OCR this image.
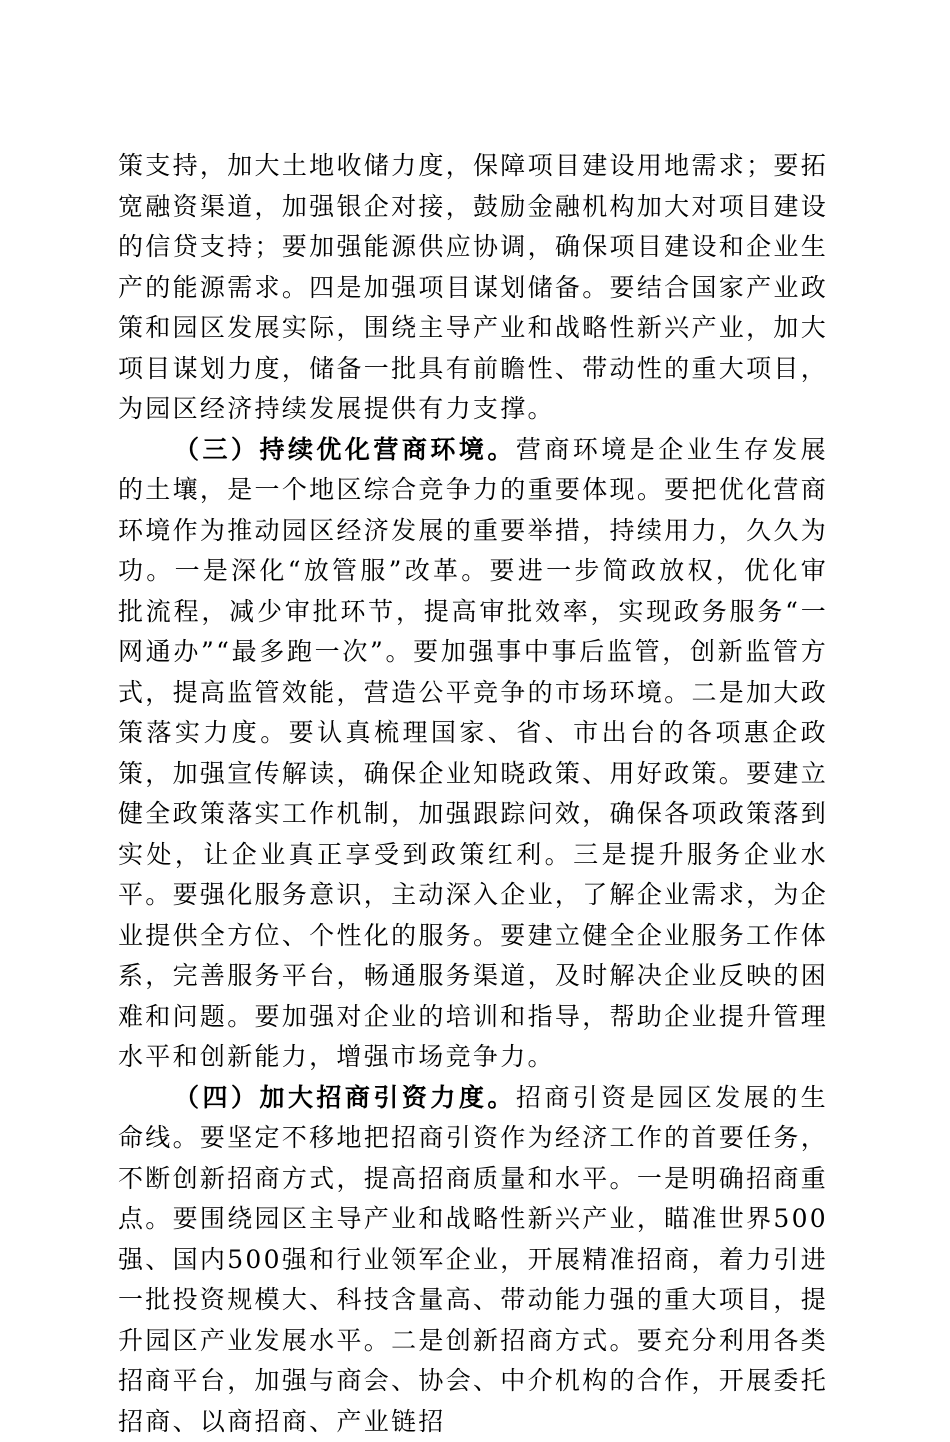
策支持，加大土地收储力度，保障项目建设用地需求；要拓宽融资渠道，加强银企对接，鼓励金融机构加大对项目建设的信贷支持；要加强能源供应协调，确保项目建设和企业生产的能源需求。四是加强项目谋划储备。要结合国家产业政策和园区发展实际，围绕主导产业和战略性新兴产业，加大项目谋划力度，储备一批具有前瞻性、带动性的重大项目，为园区经济持续发展提供有力支撑。

（三）持续优化营商环境。营商环境是企业生存发展的土壤，是一个地区综合竞争力的重要体现。要把优化营商环境作为推动园区经济发展的重要举措，持续用力，久久为功。一是深化“放管服”改革。要进一步简政放权，优化审批流程，减少审批环节，提高审批效率，实现政务服务“一网通办”“最多跑一次”。要加强事中事后监管，创新监管方式，提高监管效能，营造公平竞争的市场环境。二是加大政策落实力度。要认真梳理国家、省、市出台的各项惠企政策，加强宣传解读，确保企业知晓政策、用好政策。要建立健全政策落实工作机制，加强跟踪问效，确保各项政策落到实处，让企业真正享受到政策红利。三是提升服务企业水平。要强化服务意识，主动深入企业，了解企业需求，为企业提供全方位、个性化的服务。要建立健全企业服务工作体系，完善服务平台，畅通服务渠道，及时解决企业反映的困难和问题。要加强对企业的培训和指导，帮助企业提升管理水平和创新能力，增强市场竞争力。

（四）加大招商引资力度。招商引资是园区发展的生命线。要坚定不移地把招商引资作为经济工作的首要任务，不断创新招商方式，提高招商质量和水平。一是明确招商重点。要围绕园区主导产业和战略性新兴产业，瞄准世界500强、国内500强和行业领军企业，开展精准招商，着力引进一批投资规模大、科技含量高、带动能力强的重大项目，提升园区产业发展水平。二是创新招商方式。要充分利用各类招商平台，加强与商会、协会、中介机构的合作，开展委托招商、以商招商、产业链招
